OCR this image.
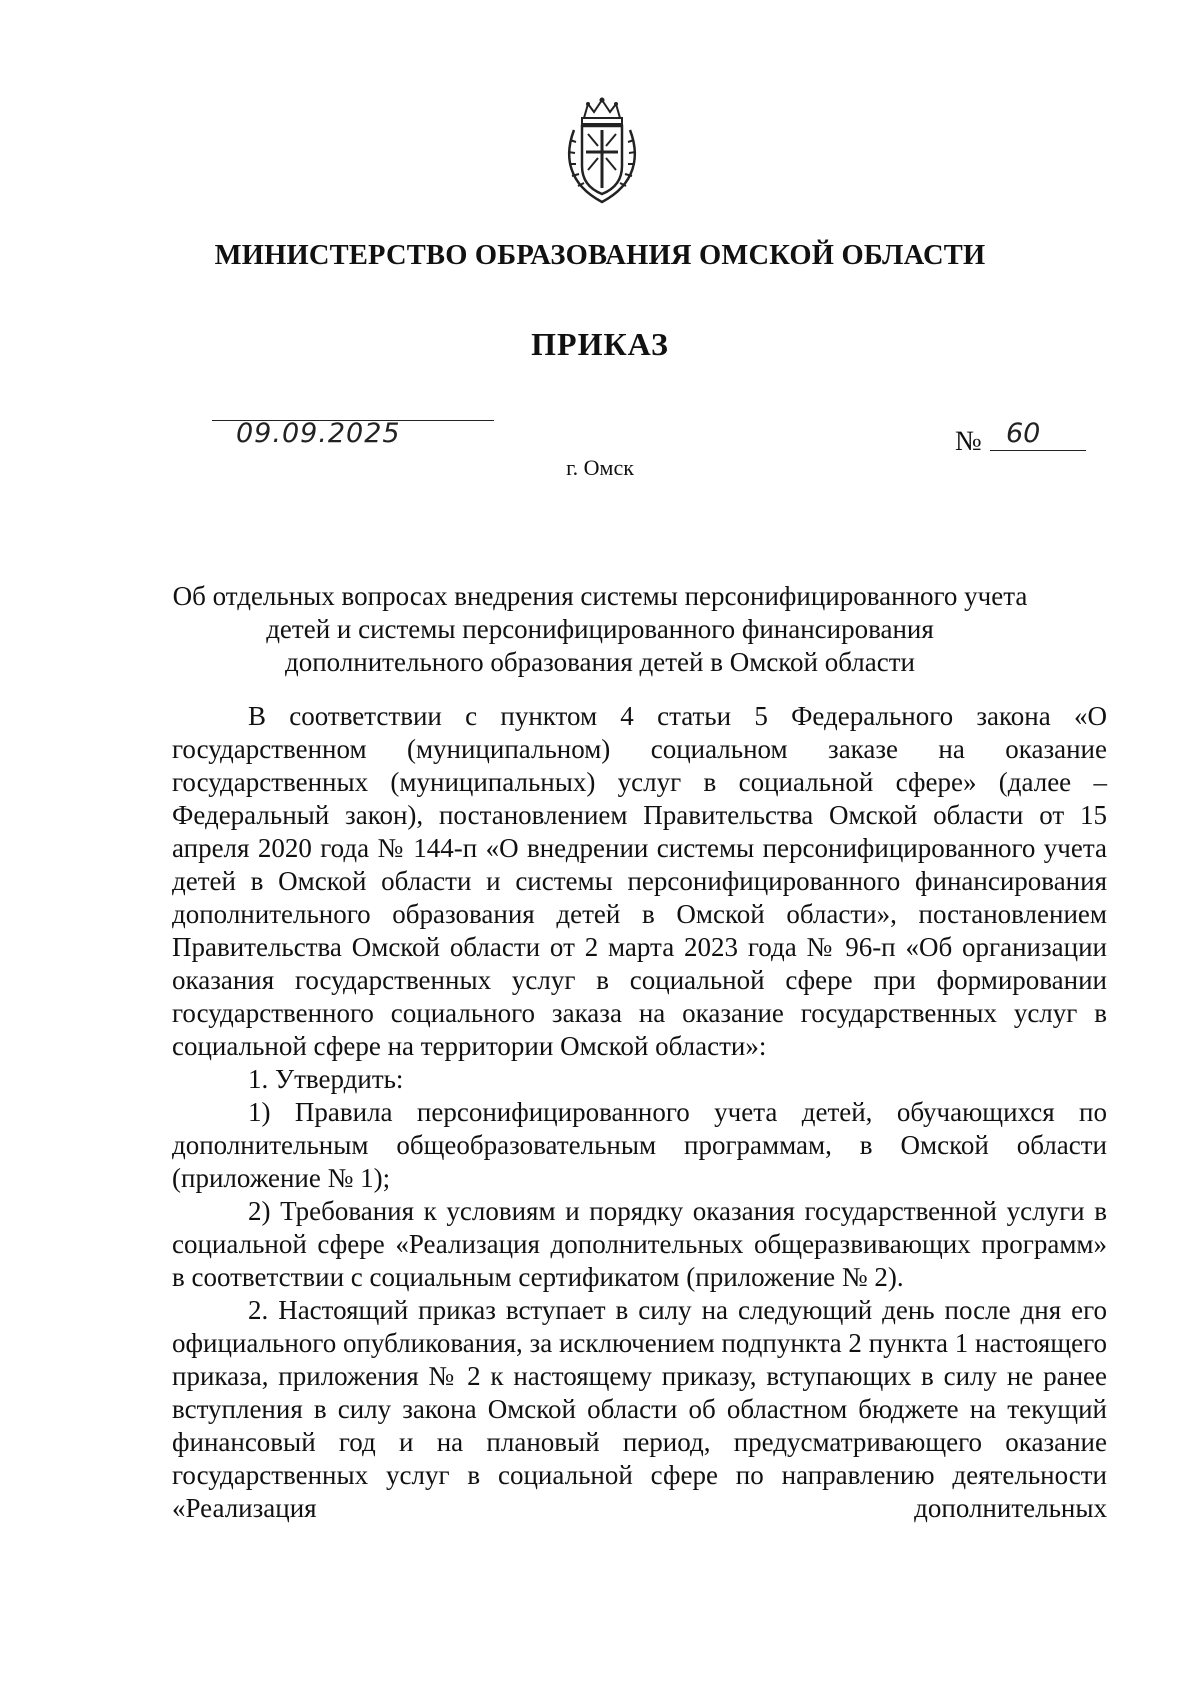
МИНИСТЕРСТВО ОБРАЗОВАНИЯ ОМСКОЙ ОБЛАСТИ
ПРИКАЗ
09.09.2025	№ 60
г. Омск
Об отдельных вопросах внедрения системы персонифицированного учета
детей и системы персонифицированного финансирования
дополнительного образования детей в Омской области

В соответствии с пунктом 4 статьи 5 Федерального закона «О государственном (муниципальном) социальном заказе на оказание государственных (муниципальных) услуг в социальной сфере» (далее – Федеральный закон), постановлением Правительства Омской области от 15 апреля 2020 года № 144-п «О внедрении системы персонифицированного учета детей в Омской области и системы персонифицированного финансирования дополнительного образования детей в Омской области», постановлением Правительства Омской области от 2 марта 2023 года № 96-п «Об организации оказания государственных услуг в социальной сфере при формировании государственного социального заказа на оказание государственных услуг в социальной сфере на территории Омской области»:

1. Утвердить:

1) Правила персонифицированного учета детей, обучающихся по дополнительным общеобразовательным программам, в Омской области (приложение № 1);

2) Требования к условиям и порядку оказания государственной услуги в социальной сфере «Реализация дополнительных общеразвивающих программ» в соответствии с социальным сертификатом (приложение № 2).

2. Настоящий приказ вступает в силу на следующий день после дня его официального опубликования, за исключением подпункта 2 пункта 1 настоящего приказа, приложения № 2 к настоящему приказу, вступающих в силу не ранее вступления в силу закона Омской области об областном бюджете на текущий финансовый год и на плановый период, предусматривающего оказание государственных услуг в социальной сфере по направлению деятельности «Реализация дополнительных
